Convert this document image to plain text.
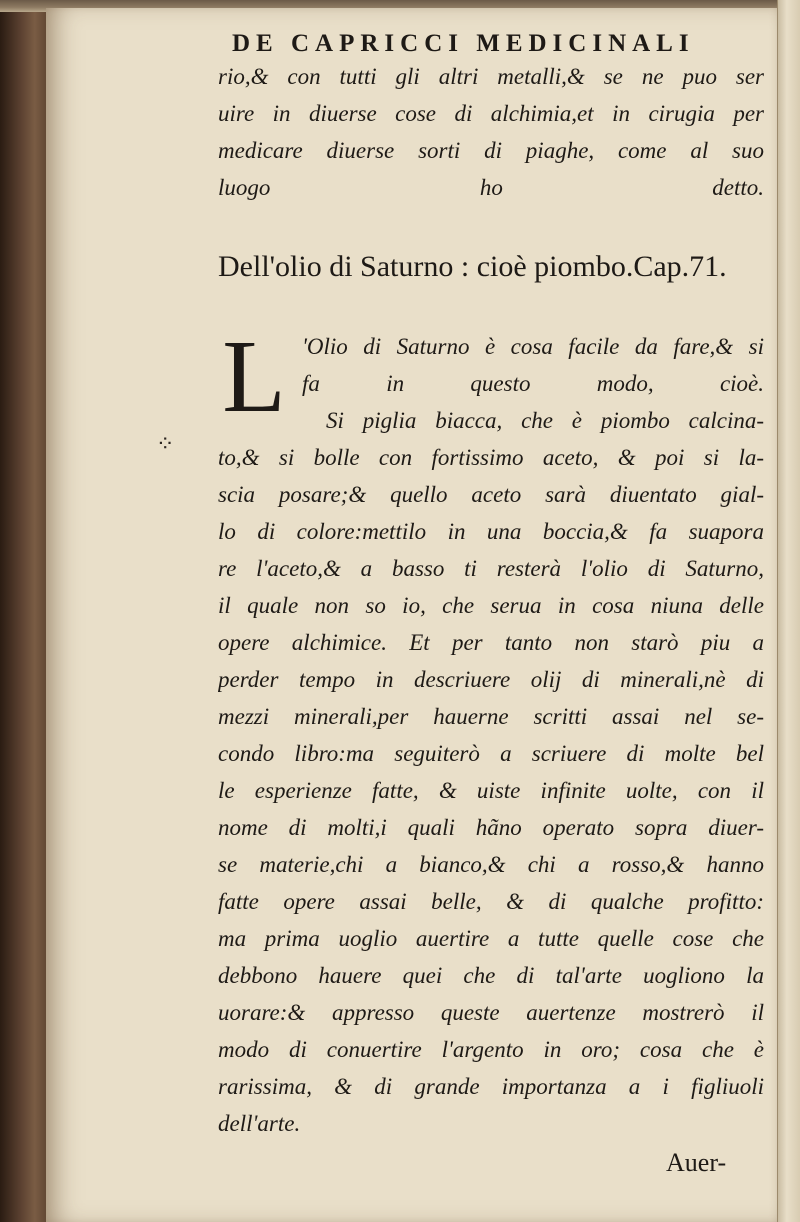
DE CAPRICCI MEDICINALI
rio,& con tutti gli altri metalli,& se ne puo ser
uire in diuerse cose di alchimia,et in cirugia per
medicare diuerse sorti di piaghe, come al suo
luogo ho detto.
Dell'olio di Saturno : cioè piombo.Cap.71.
L
⁘
'Olio di Saturno è cosa facile da fare,& si
fa in questo modo, cioè.
Si piglia biacca, che è piombo calcina-
to,& si bolle con fortissimo aceto, & poi si la-
scia posare;& quello aceto sarà diuentato gial-
lo di colore:mettilo in una boccia,& fa suapora
re l'aceto,& a basso ti resterà l'olio di Saturno,
il quale non so io, che serua in cosa niuna delle
opere alchimice. Et per tanto non starò piu a
perder tempo in descriuere olij di minerali,nè di
mezzi minerali,per hauerne scritti assai nel se-
condo libro:ma seguiterò a scriuere di molte bel
le esperienze fatte, & uiste infinite uolte, con il
nome di molti,i quali hãno operato sopra diuer-
se materie,chi a bianco,& chi a rosso,& hanno
fatte opere assai belle, & di qualche profitto:
ma prima uoglio auertire a tutte quelle cose che
debbono hauere quei che di tal'arte uogliono la
uorare:& appresso queste auertenze mostrerò il
modo di conuertire l'argento in oro; cosa che è
rarissima, & di grande importanza a i figliuoli
dell'arte.
Auer-
